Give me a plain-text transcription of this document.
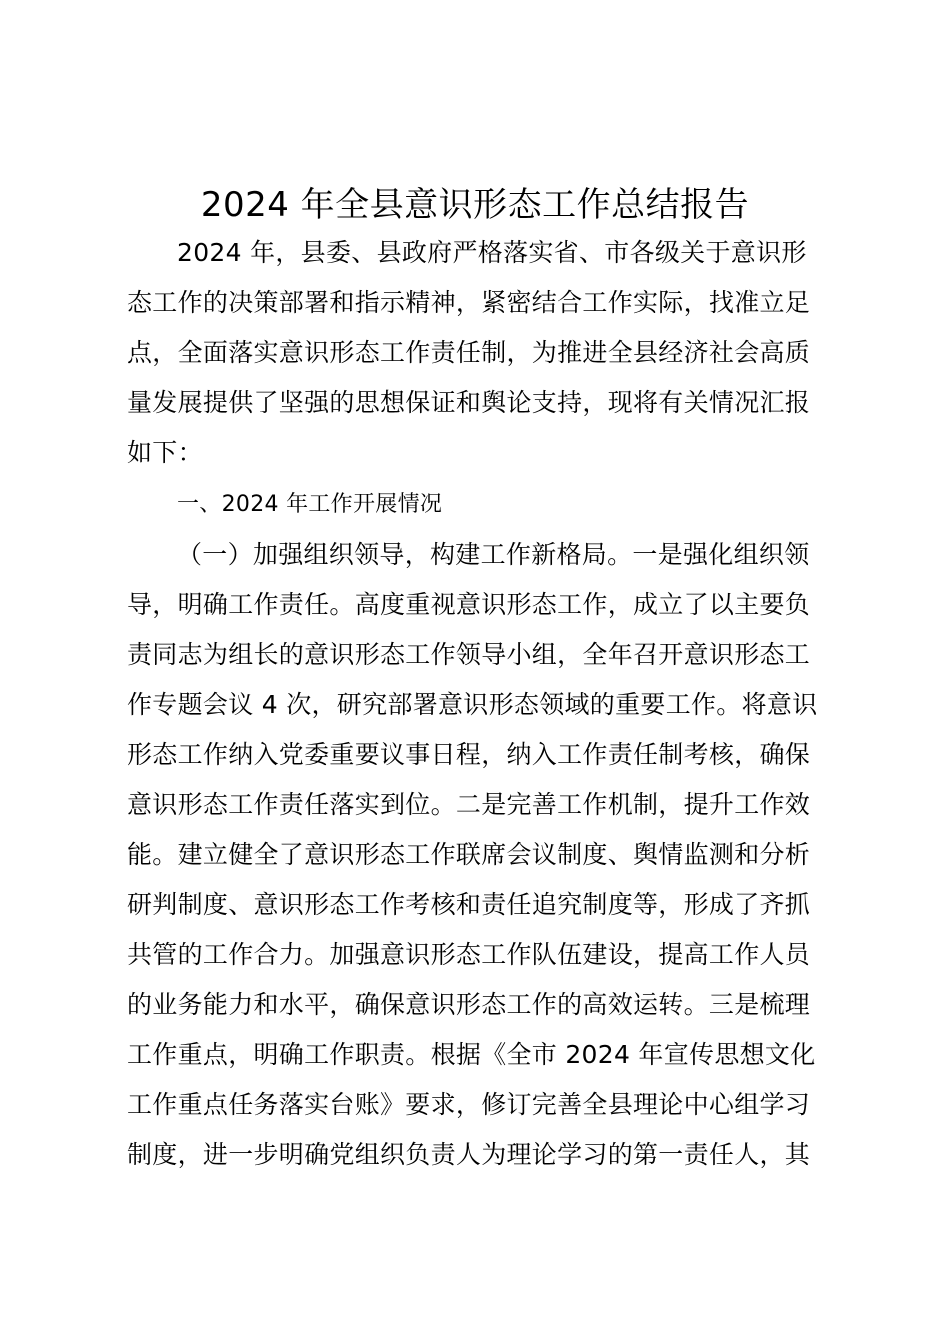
2024 年全县意识形态工作总结报告
2024 年，县委、县政府严格落实省、市各级关于意识形
态工作的决策部署和指示精神，紧密结合工作实际，找准立足
点，全面落实意识形态工作责任制，为推进全县经济社会高质
量发展提供了坚强的思想保证和舆论支持，现将有关情况汇报
如下：
一、2024 年工作开展情况
（一）加强组织领导，构建工作新格局。一是强化组织领
导，明确工作责任。高度重视意识形态工作，成立了以主要负
责同志为组长的意识形态工作领导小组，全年召开意识形态工
作专题会议 4 次，研究部署意识形态领域的重要工作。将意识
形态工作纳入党委重要议事日程，纳入工作责任制考核，确保
意识形态工作责任落实到位。二是完善工作机制，提升工作效
能。建立健全了意识形态工作联席会议制度、舆情监测和分析
研判制度、意识形态工作考核和责任追究制度等，形成了齐抓
共管的工作合力。加强意识形态工作队伍建设，提高工作人员
的业务能力和水平，确保意识形态工作的高效运转。三是梳理
工作重点，明确工作职责。根据《全市 2024 年宣传思想文化
工作重点任务落实台账》要求，修订完善全县理论中心组学习
制度，进一步明确党组织负责人为理论学习的第一责任人，其
